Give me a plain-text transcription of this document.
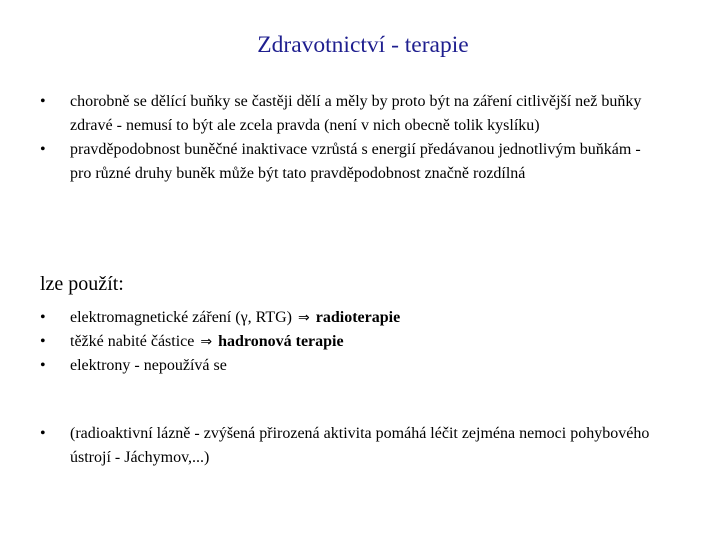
Zdravotnictví - terapie
•	chorobně se dělící buňky se častěji dělí a měly by proto být na záření citlivější než buňky zdravé - nemusí to být ale zcela pravda (není v nich obecně tolik kyslíku)
•	pravděpodobnost buněčné inaktivace vzrůstá s energií předávanou jednotlivým buňkám - pro různé druhy buněk může být tato pravděpodobnost značně rozdílná
lze použít:
•	elektromagnetické záření (γ, RTG) ⇒ radioterapie
•	těžké nabité částice ⇒ hadronová terapie
•	elektrony - nepoužívá se
•	(radioaktivní lázně - zvýšená přirozená aktivita pomáhá léčit zejména nemoci pohybového ústrojí - Jáchymov,...)
